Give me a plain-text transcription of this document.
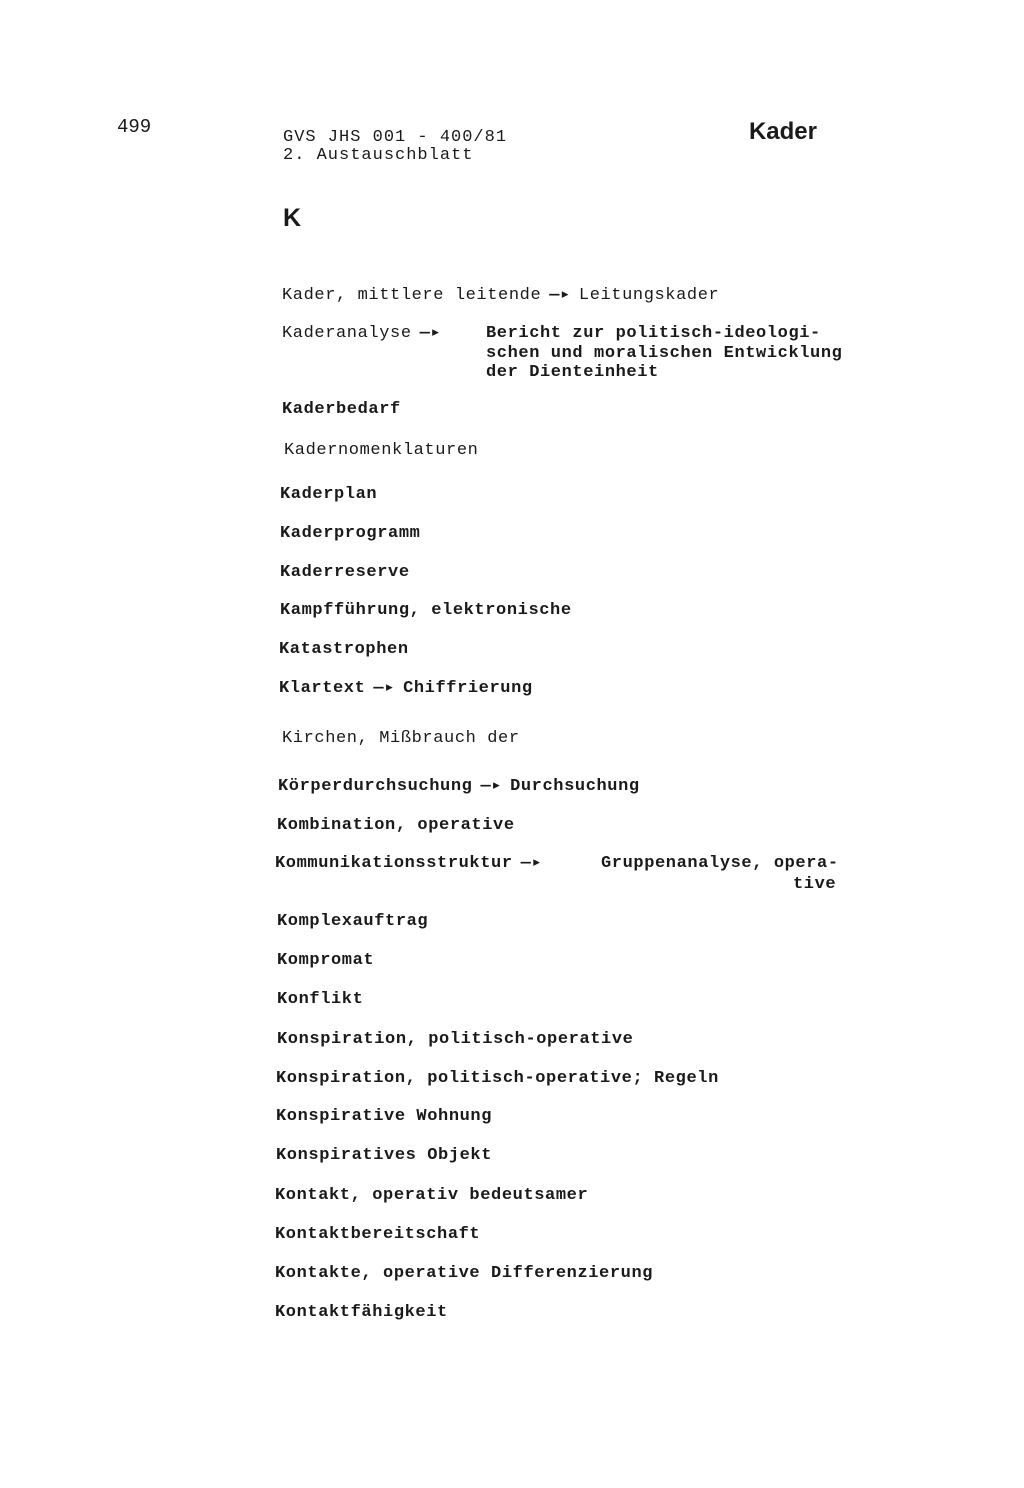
499	GVS JHS 001 - 400/81
2. Austauschblatt
Kader
K
Kader, mittlere leitende —▸ Leitungskader
Kaderanalyse —▸	Bericht zur politisch-ideologi-
schen und moralischen Entwicklung
der Dienteinheit
Kaderbedarf
Kadernomenklaturen
Kaderplan
Kaderprogramm
Kaderreserve
Kampfführung, elektronische
Katastrophen
Klartext —▸ Chiffrierung
Kirchen, Mißbrauch der
Körperdurchsuchung —▸ Durchsuchung
Kombination, operative
Kommunikationsstruktur —▸	Gruppenanalyse, opera-
tive
Komplexauftrag
Kompromat
Konflikt
Konspiration, politisch-operative
Konspiration, politisch-operative; Regeln
Konspirative Wohnung
Konspiratives Objekt
Kontakt, operativ bedeutsamer
Kontaktbereitschaft
Kontakte, operative Differenzierung
Kontaktfähigkeit
